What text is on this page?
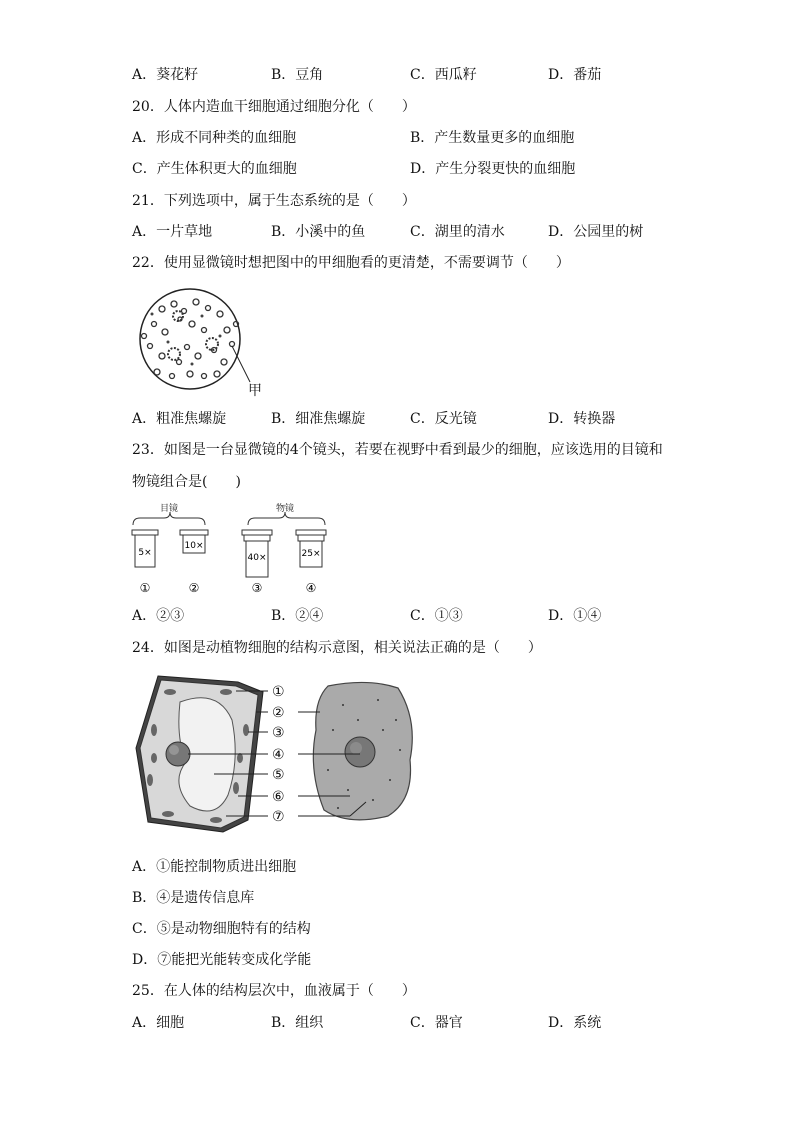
A．葵花籽	B．豆角	C．西瓜籽	D．番茄
20．人体内造血干细胞通过细胞分化（　　）
A．形成不同种类的血细胞	B．产生数量更多的血细胞
C．产生体积更大的血细胞	D．产生分裂更快的血细胞
21．下列选项中，属于生态系统的是（　　）
A．一片草地	B．小溪中的鱼	C．湖里的清水	D．公园里的树
22．使用显微镜时想把图中的甲细胞看的更清楚，不需要调节（　　）
甲
A．粗准焦螺旋	B．细准焦螺旋	C．反光镜	D．转换器
23．如图是一台显微镜的4个镜头，若要在视野中看到最少的细胞，应该选用的目镜和
物镜组合是(　　)
目镜	物镜
5×
10×
40×	25×
①	②	③	④
A．②③	B．②④	C．①③	D．①④
24．如图是动植物细胞的结构示意图，相关说法正确的是（　　）
①
②
③
④
⑤
⑥
⑦
A．①能控制物质进出细胞
B．④是遗传信息库
C．⑤是动物细胞特有的结构
D．⑦能把光能转变成化学能
25．在人体的结构层次中，血液属于（　　）
A．细胞	B．组织	C．器官	D．系统
